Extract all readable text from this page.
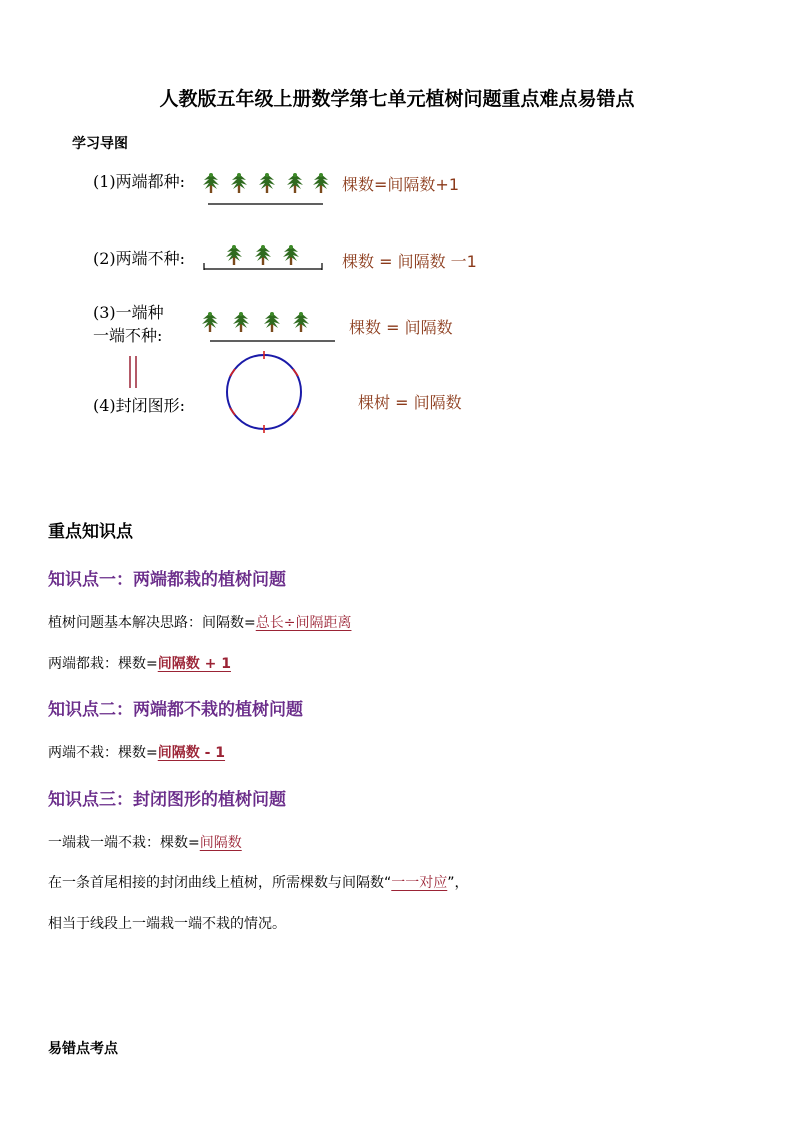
人教版五年级上册数学第七单元植树问题重点难点易错点
学习导图
(1)两端都种:
(2)两端不种:
(3)一端种
一端不种:
(4)封闭图形:
棵数=间隔数+1
棵数 = 间隔数 一1
棵数 = 间隔数
棵树 = 间隔数
重点知识点
知识点一：两端都栽的植树问题
植树问题基本解决思路：间隔数=总长÷间隔距离
两端都栽：棵数=间隔数 + 1
知识点二：两端都不栽的植树问题
两端不栽：棵数=间隔数 - 1
知识点三：封闭图形的植树问题
一端栽一端不栽：棵数=间隔数
在一条首尾相接的封闭曲线上植树，所需棵数与间隔数“一一对应”，
相当于线段上一端栽一端不栽的情况。
易错点考点
